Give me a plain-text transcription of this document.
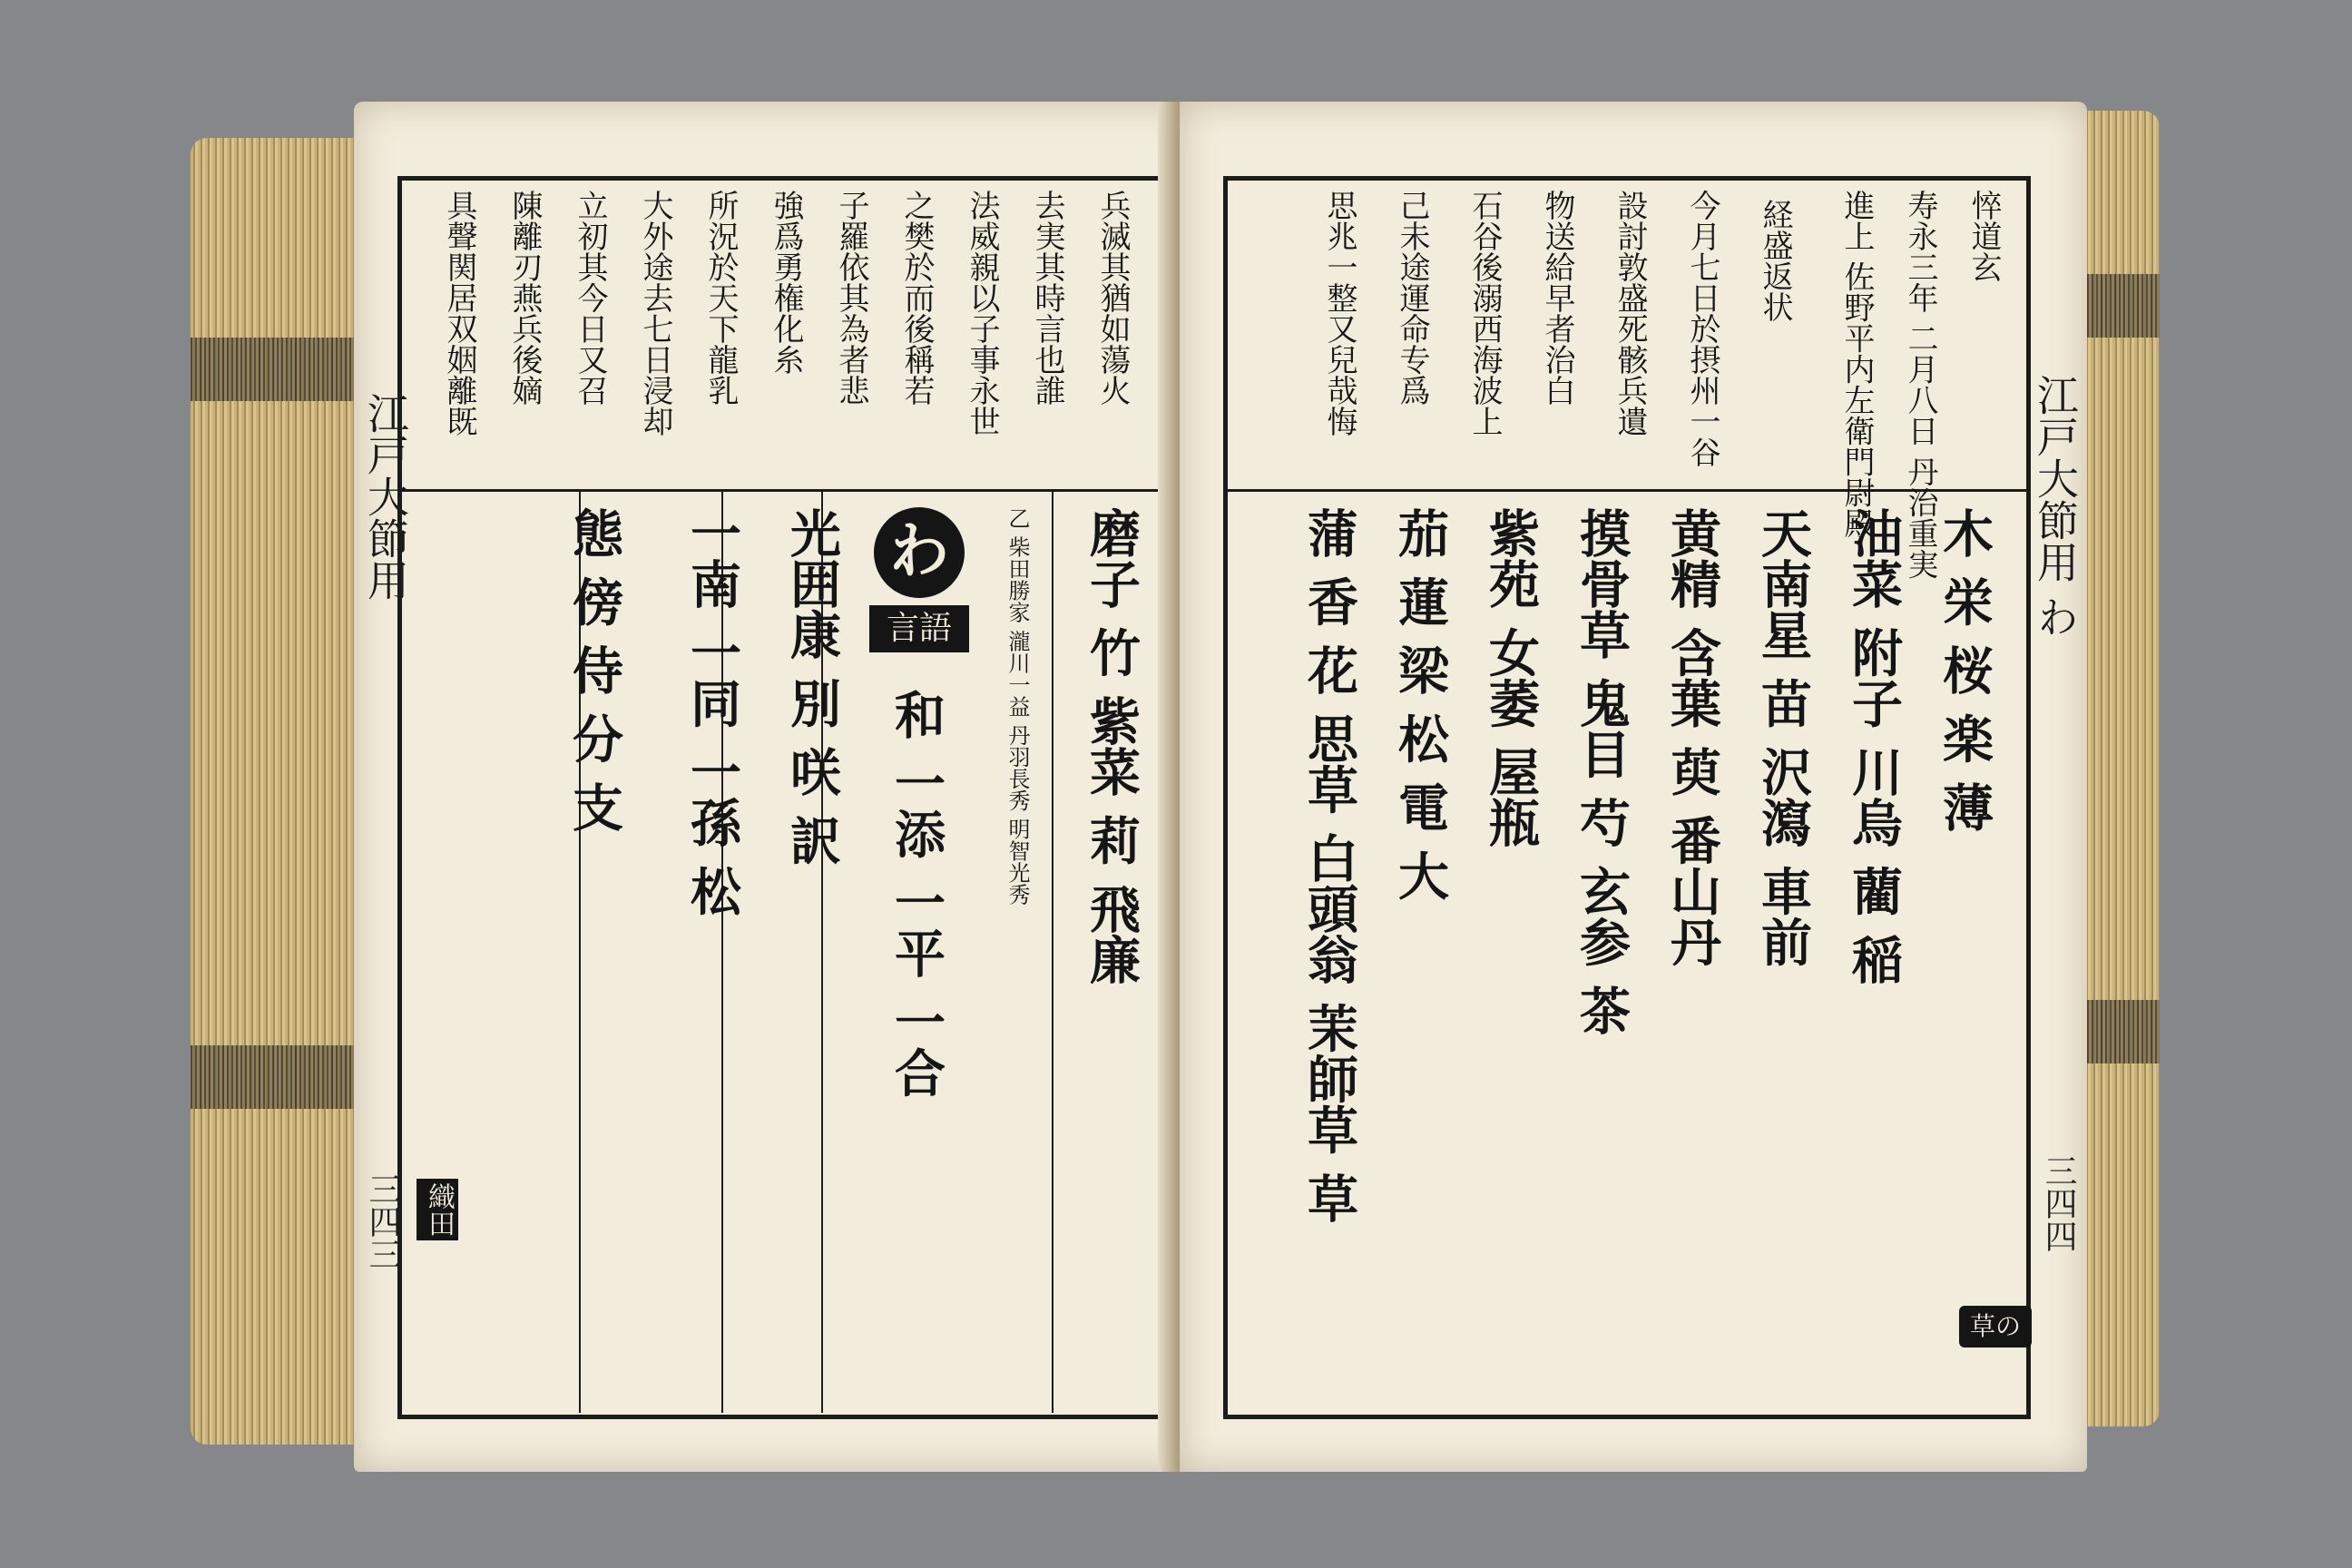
江戸大節用
三四三
兵滅其猶如蕩火
去実其時言也誰
法威親以子事永世
之樊於而後稱若
子羅依其為者悲
強爲勇権化糸
所況於天下龍乳
大外途去七日浸却
立初其今日又召
陳離刃燕兵後嫡
具聲関居双姻離既
磨子 竹 紫菜 莉 飛廉
乙 柴田勝家 瀧川一益 丹羽長秀 明智光秀
和 一添 一平 一合
光囲康 別 咲 訳
一南 一同 一孫 松
態 傍 侍 分 支	わ
言語
織田
江戸大節用 わ
三四四
悴道玄
寿永三年 二月八日 丹治重実
進上 佐野平内左衛門尉殿
経盛返状
今月七日於摂州一谷
設討敦盛死骸兵遺
物送給早者治白
石谷後溺西海波上
己未途運命专爲
思兆一整又兒哉悔
木 栄 桜 楽 薄
油菜 附子 川烏 藺 稲
天南星 苗 沢瀉 車前
黄精 含葉 萸 番山丹
摸骨草 鬼目 芍 玄参 茶
紫苑 女萎 屋瓶
茄 蓮 梁 松 電 大
蒲 香 花 思草 白頭翁 茉師草 草
草の部
